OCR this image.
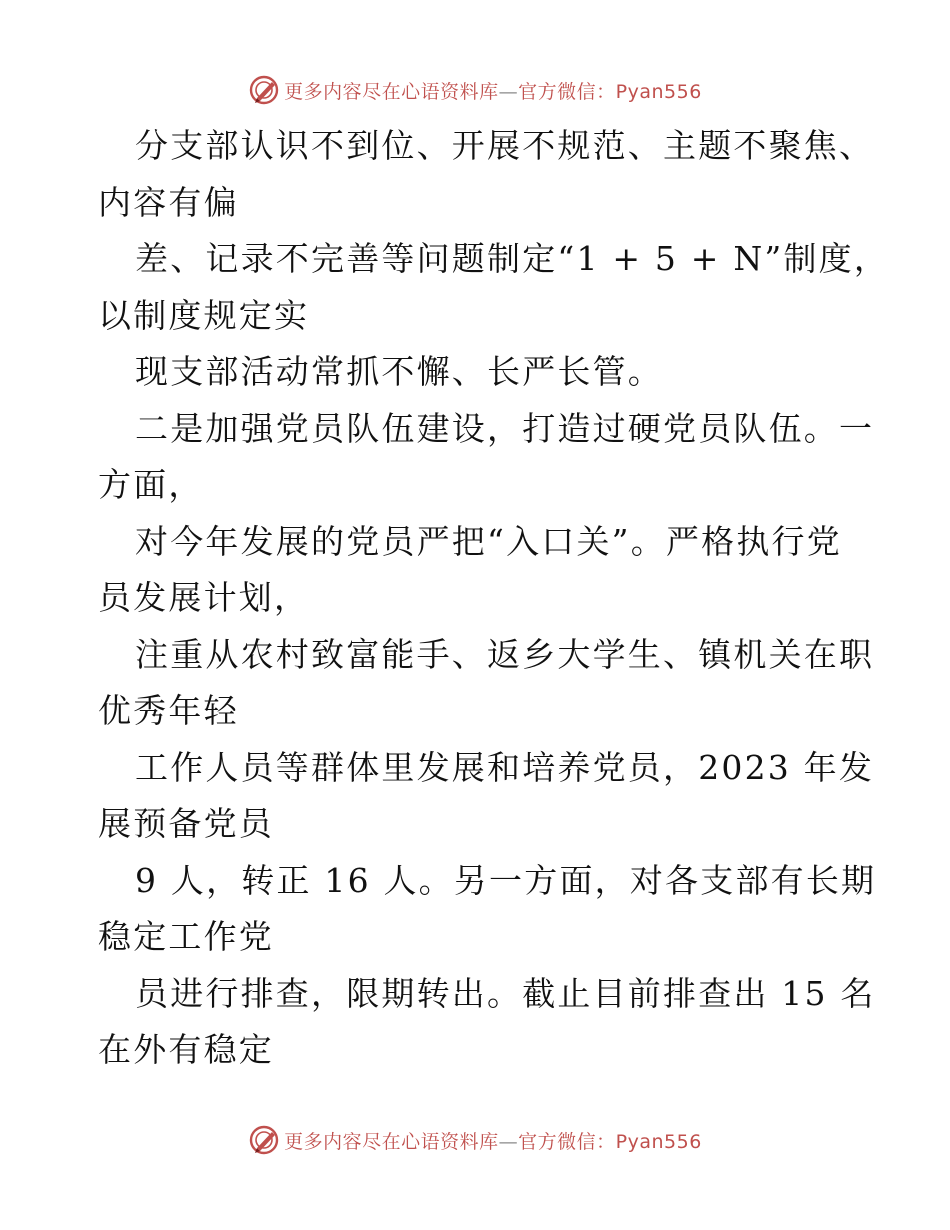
更多内容尽在心语资料库—官方微信：Pyan556
分支部认识不到位、开展不规范、主题不聚焦、
内容有偏
差、记录不完善等问题制定“1 + 5 + N”制度，
以制度规定实
现支部活动常抓不懈、长严长管。
二是加强党员队伍建设，打造过硬党员队伍。一
方面，
对今年发展的党员严把“入口关”。严格执行党
员发展计划，
注重从农村致富能手、返乡大学生、镇机关在职
优秀年轻
工作人员等群体里发展和培养党员，2023 年发
展预备党员
9 人，转正 16 人。另一方面，对各支部有长期
稳定工作党
员进行排查，限期转出。截止目前排查出 15 名
在外有稳定
更多内容尽在心语资料库—官方微信：Pyan556
